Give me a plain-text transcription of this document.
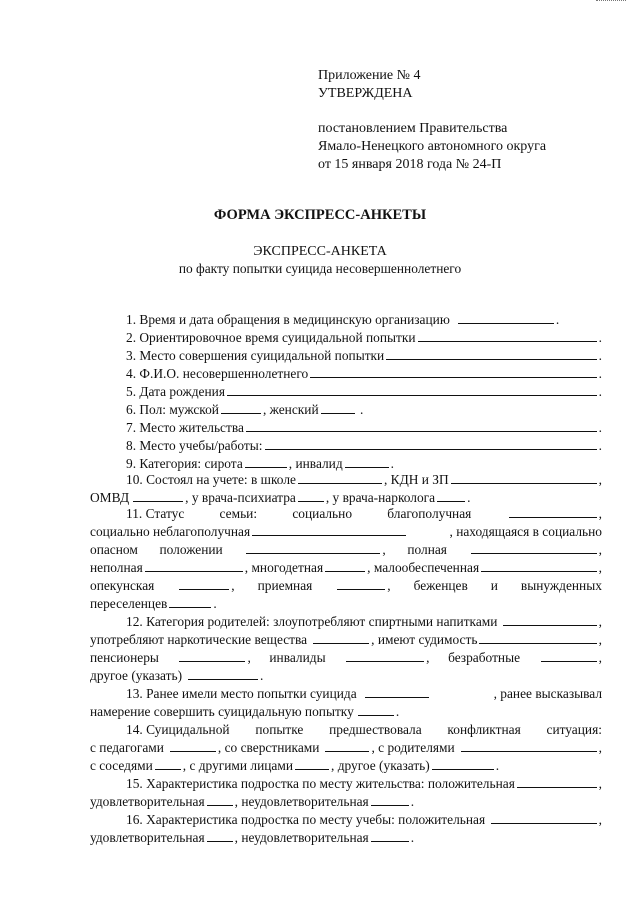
Приложение № 4
УТВЕРЖДЕНА
постановлением Правительства
Ямало-Ненецкого автономного округа
от 15 января 2018 года № 24-П
ФОРМА ЭКСПРЕСС-АНКЕТЫ
ЭКСПРЕСС-АНКЕТА
по факту попытки суицида несовершеннолетнего
1. Время и дата обращения в медицинскую организацию	.
2. Ориентировочное время суицидальной попытки	.
3. Место совершения суицидальной попытки	.
4. Ф.И.О. несовершеннолетнего	.
5. Дата рождения	.
6. Пол: мужской	, женский	.
7. Место жительства	.
8. Место учебы/работы:	.
9. Категория: сирота	, инвалид	.
10. Состоял на учете: в школе	, КДН и ЗП	,
ОМВД	, у врача-психиатра , у врача-нарколога .
11. Статус	семьи:	социально	благополучная	,
социально неблагополучная	, находящаяся в социально
опасном положении	, полная	,
неполная	, многодетная	, малообеспеченная	,
опекунская	, приемная	, беженцев и вынужденных
переселенцев	.
12. Категория родителей: злоупотребляют спиртными напитками	,
употребляют наркотические вещества	, имеют судимость	,
пенсионеры	, инвалиды	, безработные	,
другое (указать)	.
13. Ранее имели место попытки суицида	, ранее высказывал
намерение совершить суицидальную попытку	.
14. Суицидальной попытке предшествовала конфликтная ситуация:
с педагогами	, со сверстниками	, с родителями	,
с соседями , с другими лицами	, другое (указать)	.
15. Характеристика подростка по месту жительства: положительная	,
удовлетворительная , неудовлетворительная	.
16. Характеристика подростка по месту учебы: положительная	,
удовлетворительная , неудовлетворительная	.
